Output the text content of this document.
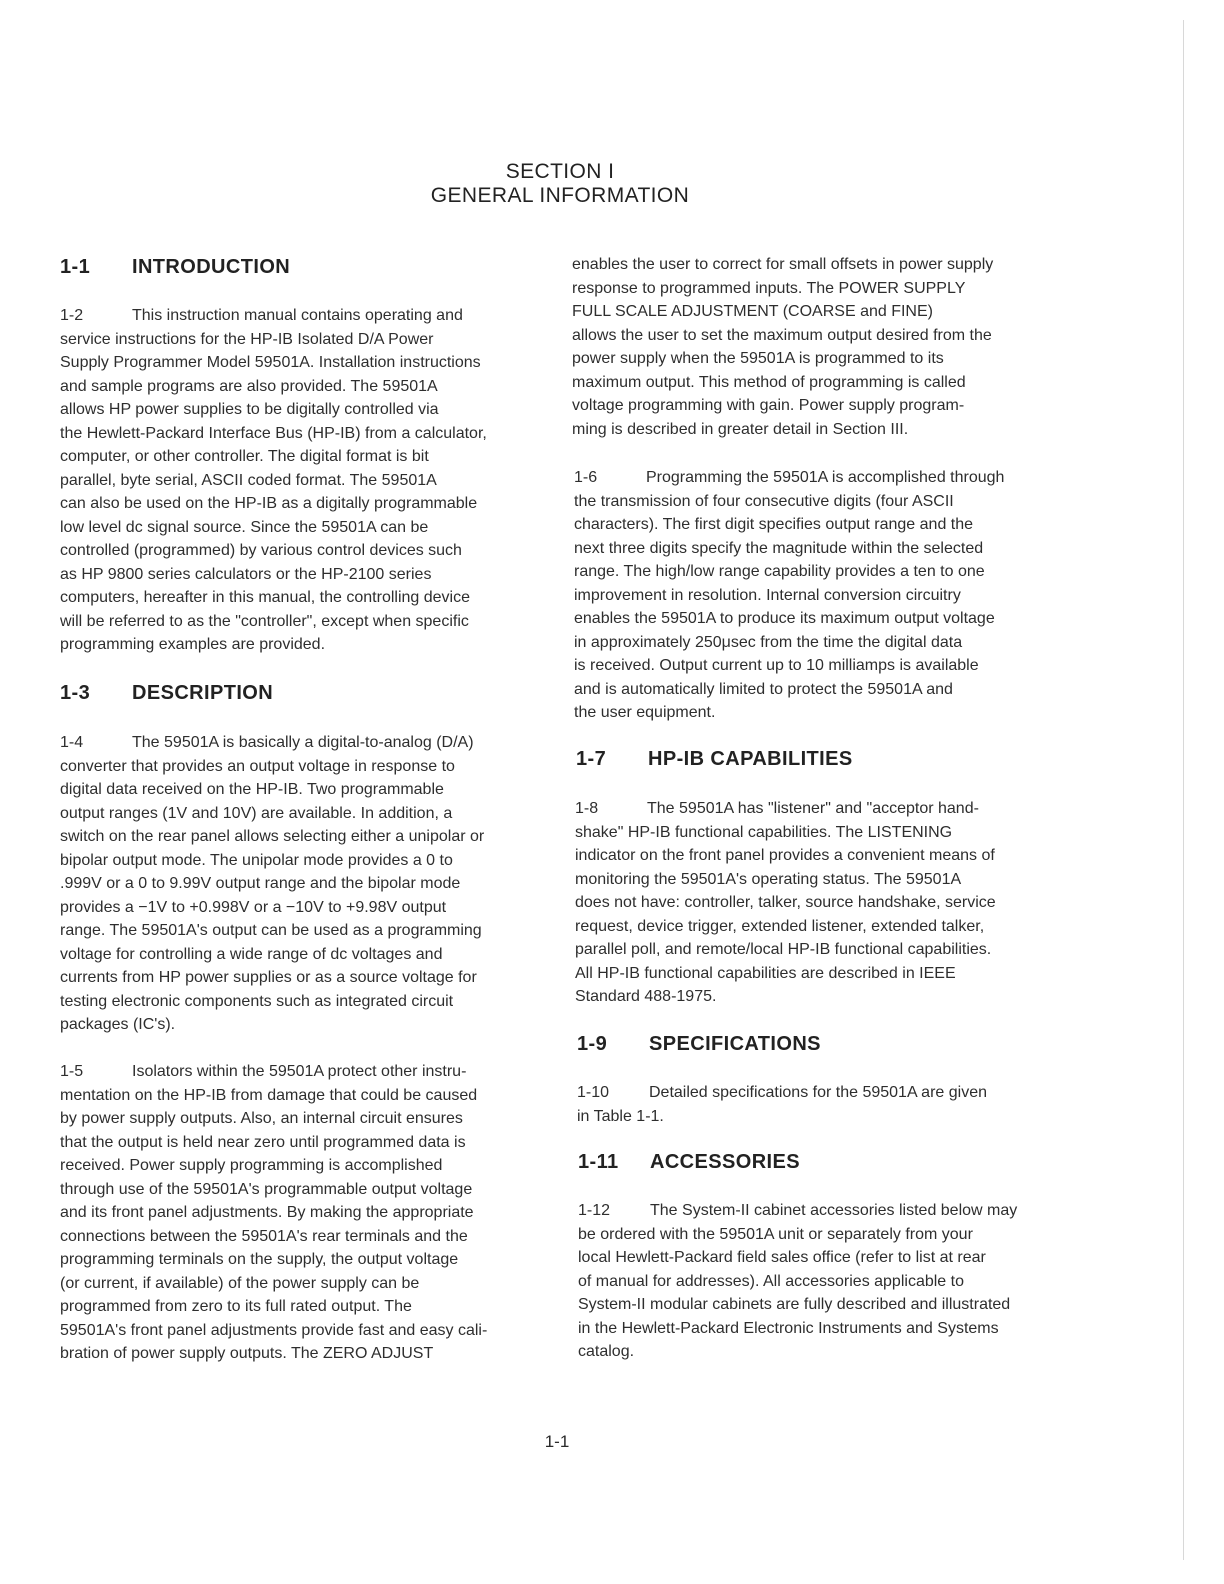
SECTION I
GENERAL INFORMATION
1-1 INTRODUCTION
1-2	This instruction manual contains operating and
service instructions for the HP-IB Isolated D/A Power
Supply Programmer Model 59501A. Installation instructions
and sample programs are also provided. The 59501A
allows HP power supplies to be digitally controlled via
the Hewlett-Packard Interface Bus (HP-IB) from a calculator,
computer, or other controller. The digital format is bit
parallel, byte serial, ASCII coded format. The 59501A
can also be used on the HP-IB as a digitally programmable
low level dc signal source. Since the 59501A can be
controlled (programmed) by various control devices such
as HP 9800 series calculators or the HP-2100 series
computers, hereafter in this manual, the controlling device
will be referred to as the "controller", except when specific
programming examples are provided.
1-3 DESCRIPTION
1-4	The 59501A is basically a digital-to-analog (D/A)
converter that provides an output voltage in response to
digital data received on the HP-IB. Two programmable
output ranges (1V and 10V) are available. In addition, a
switch on the rear panel allows selecting either a unipolar or
bipolar output mode. The unipolar mode provides a 0 to
.999V or a 0 to 9.99V output range and the bipolar mode
provides a −1V to +0.998V or a −10V to +9.98V output
range. The 59501A's output can be used as a programming
voltage for controlling a wide range of dc voltages and
currents from HP power supplies or as a source voltage for
testing electronic components such as integrated circuit
packages (IC's).
1-5	Isolators within the 59501A protect other instru-
mentation on the HP-IB from damage that could be caused
by power supply outputs. Also, an internal circuit ensures
that the output is held near zero until programmed data is
received. Power supply programming is accomplished
through use of the 59501A's programmable output voltage
and its front panel adjustments. By making the appropriate
connections between the 59501A's rear terminals and the
programming terminals on the supply, the output voltage
(or current, if available) of the power supply can be
programmed from zero to its full rated output. The
59501A's front panel adjustments provide fast and easy cali-
bration of power supply outputs. The ZERO ADJUST
enables the user to correct for small offsets in power supply
response to programmed inputs. The POWER SUPPLY
FULL SCALE ADJUSTMENT (COARSE and FINE)
allows the user to set the maximum output desired from the
power supply when the 59501A is programmed to its
maximum output. This method of programming is called
voltage programming with gain. Power supply program-
ming is described in greater detail in Section III.
1-6	Programming the 59501A is accomplished through
the transmission of four consecutive digits (four ASCII
characters). The first digit specifies output range and the
next three digits specify the magnitude within the selected
range. The high/low range capability provides a ten to one
improvement in resolution. Internal conversion circuitry
enables the 59501A to produce its maximum output voltage
in approximately 250μsec from the time the digital data
is received. Output current up to 10 milliamps is available
and is automatically limited to protect the 59501A and
the user equipment.
1-7 HP-IB CAPABILITIES
1-8	The 59501A has "listener" and "acceptor hand-
shake" HP-IB functional capabilities. The LISTENING
indicator on the front panel provides a convenient means of
monitoring the 59501A's operating status. The 59501A
does not have: controller, talker, source handshake, service
request, device trigger, extended listener, extended talker,
parallel poll, and remote/local HP-IB functional capabilities.
All HP-IB functional capabilities are described in IEEE
Standard 488-1975.
1-9 SPECIFICATIONS
1-10 Detailed specifications for the 59501A are given
in Table 1-1.
1-11 ACCESSORIES
1-12 The System-II cabinet accessories listed below may
be ordered with the 59501A unit or separately from your
local Hewlett-Packard field sales office (refer to list at rear
of manual for addresses). All accessories applicable to
System-II modular cabinets are fully described and illustrated
in the Hewlett-Packard Electronic Instruments and Systems
catalog.
1-1
